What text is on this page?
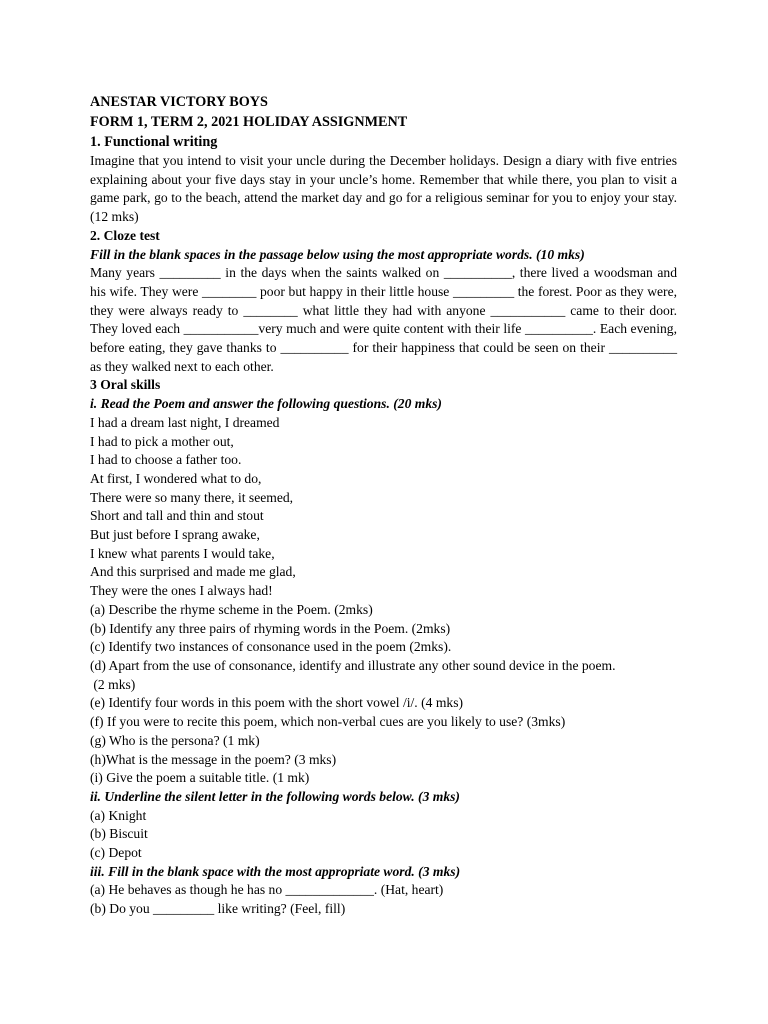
ANESTAR VICTORY BOYS
FORM 1, TERM 2, 2021 HOLIDAY ASSIGNMENT
1. Functional writing
Imagine that you intend to visit your uncle during the December holidays. Design a diary with five entries explaining about your five days stay in your uncle’s home. Remember that while there, you plan to visit a game park, go to the beach, attend the market day and go for a religious seminar for you to enjoy your stay. (12 mks)
2. Cloze test
Fill in the blank spaces in the passage below using the most appropriate words. (10 mks)
Many years _________ in the days when the saints walked on __________, there lived a woodsman and his wife. They were ________ poor but happy in their little house _________ the forest. Poor as they were, they were always ready to ________ what little they had with anyone ___________ came to their door. They loved each ___________very much and were quite content with their life __________. Each evening, before eating, they gave thanks to __________ for their happiness that could be seen on their __________ as they walked next to each other.
3 Oral skills
i. Read the Poem and answer the following questions. (20 mks)
I had a dream last night, I dreamed
I had to pick a mother out,
I had to choose a father too.
At first, I wondered what to do,
There were so many there, it seemed,
Short and tall and thin and stout
But just before I sprang awake,
I knew what parents I would take,
And this surprised and made me glad,
They were the ones I always had!
(a) Describe the rhyme scheme in the Poem. (2mks)
(b) Identify any three pairs of rhyming words in the Poem. (2mks)
(c) Identify two instances of consonance used in the poem (2mks).
(d) Apart from the use of consonance, identify and illustrate any other sound device in the poem.
(2 mks)
(e) Identify four words in this poem with the short vowel /i/. (4 mks)
(f) If you were to recite this poem, which non-verbal cues are you likely to use? (3mks)
(g) Who is the persona? (1 mk)
(h)What is the message in the poem? (3 mks)
(i) Give the poem a suitable title. (1 mk)
ii. Underline the silent letter in the following words below. (3 mks)
(a) Knight
(b) Biscuit
(c) Depot
iii. Fill in the blank space with the most appropriate word. (3 mks)
(a) He behaves as though he has no _____________. (Hat, heart)
(b) Do you _________ like writing? (Feel, fill)
